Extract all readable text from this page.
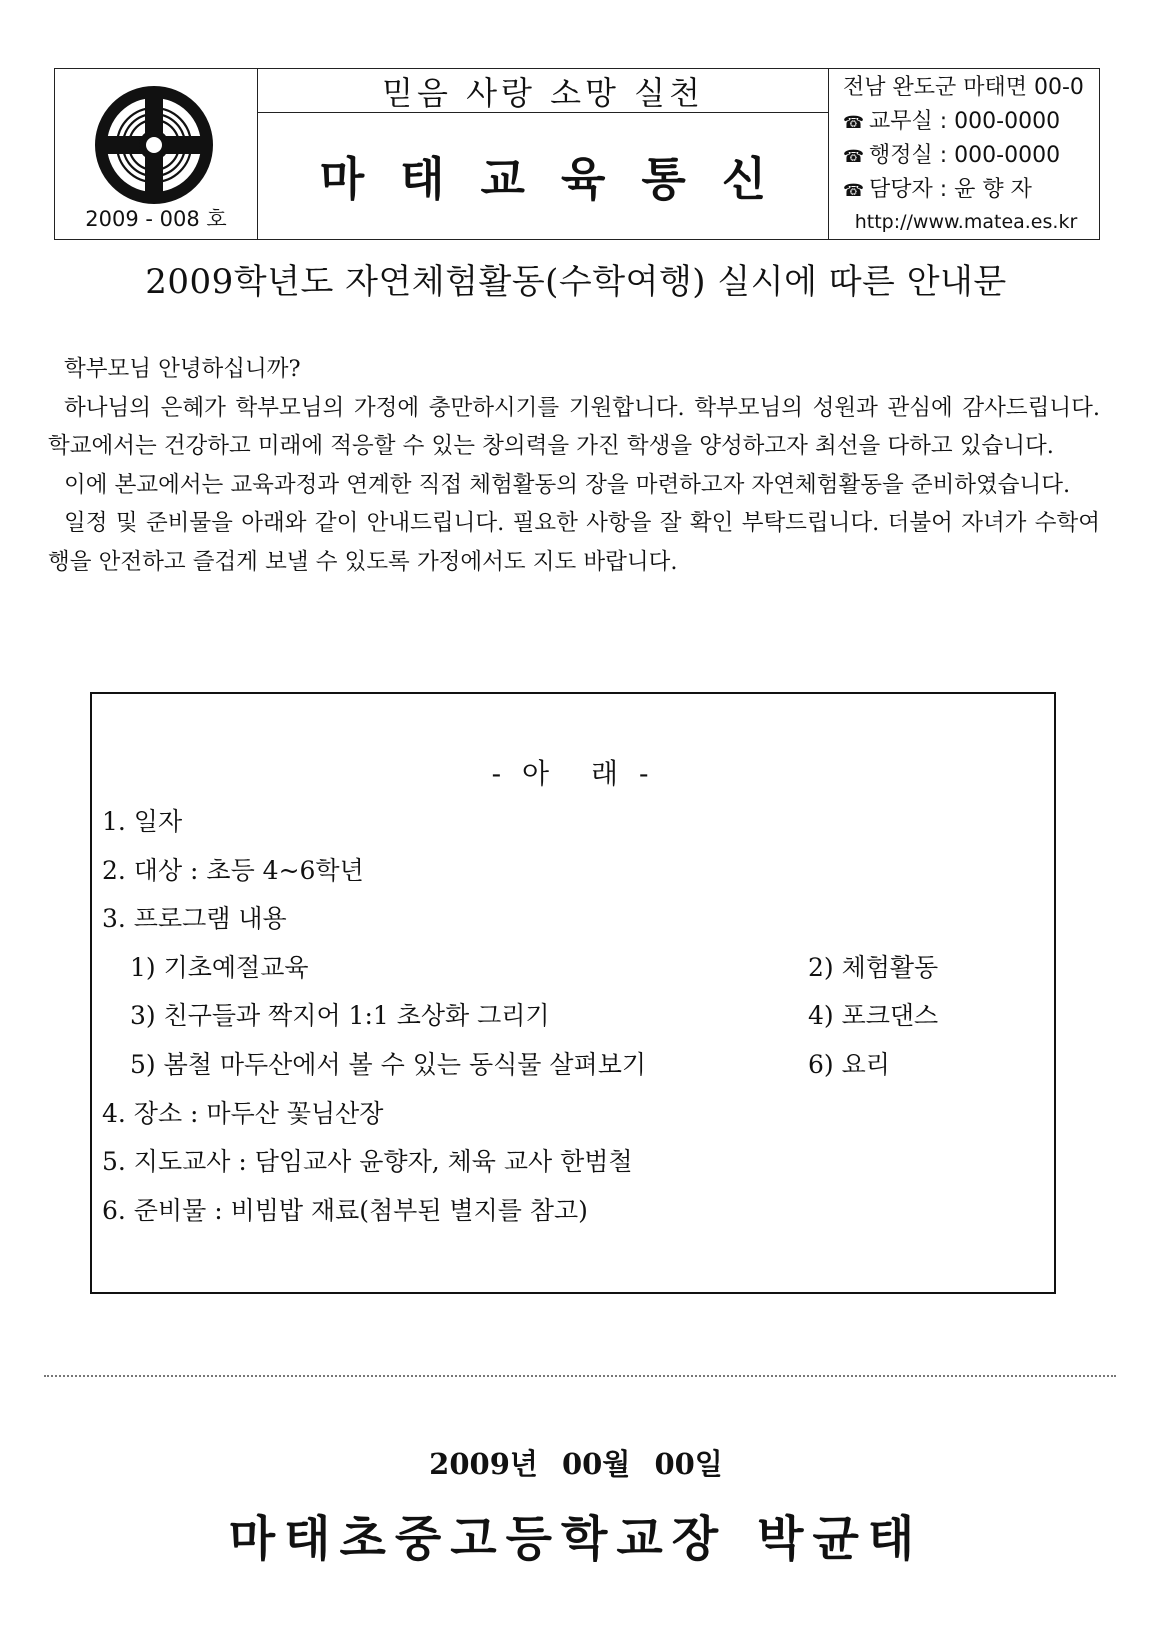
2009 - 008 호
믿음 사랑 소망 실천
마태교육통신
전남 완도군 마태면 00-0
☎ 교무실 : 000-0000
☎ 행정실 : 000-0000
☎ 담당자 : 윤 향 자
http://www.matea.es.kr
2009학년도 자연체험활동(수학여행) 실시에 따른 안내문

학부모님 안녕하십니까?

하나님의 은혜가 학부모님의 가정에 충만하시기를 기원합니다. 학부모님의 성원과 관심에 감사드립니다. 학교에서는 건강하고 미래에 적응할 수 있는 창의력을 가진 학생을 양성하고자 최선을 다하고 있습니다.

이에 본교에서는 교육과정과 연계한 직접 체험활동의 장을 마련하고자 자연체험활동을 준비하였습니다.

일정 및 준비물을 아래와 같이 안내드립니다. 필요한 사항을 잘 확인 부탁드립니다. 더불어 자녀가 수학여행을 안전하고 즐겁게 보낼 수 있도록 가정에서도 지도 바랍니다.

- 아 래 -
1. 일자
2. 대상 : 초등 4~6학년
3. 프로그램 내용
1) 기초예절교육	2) 체험활동
3) 친구들과 짝지어 1:1 초상화 그리기	4) 포크댄스
5) 봄철 마두산에서 볼 수 있는 동식물 살펴보기	6) 요리
4. 장소 : 마두산 꽃님산장
5. 지도교사 : 담임교사 윤향자, 체육 교사 한범철
6. 준비물 : 비빔밥 재료(첨부된 별지를 참고)
2009년 00월 00일
마태초중고등학교장 박균태
